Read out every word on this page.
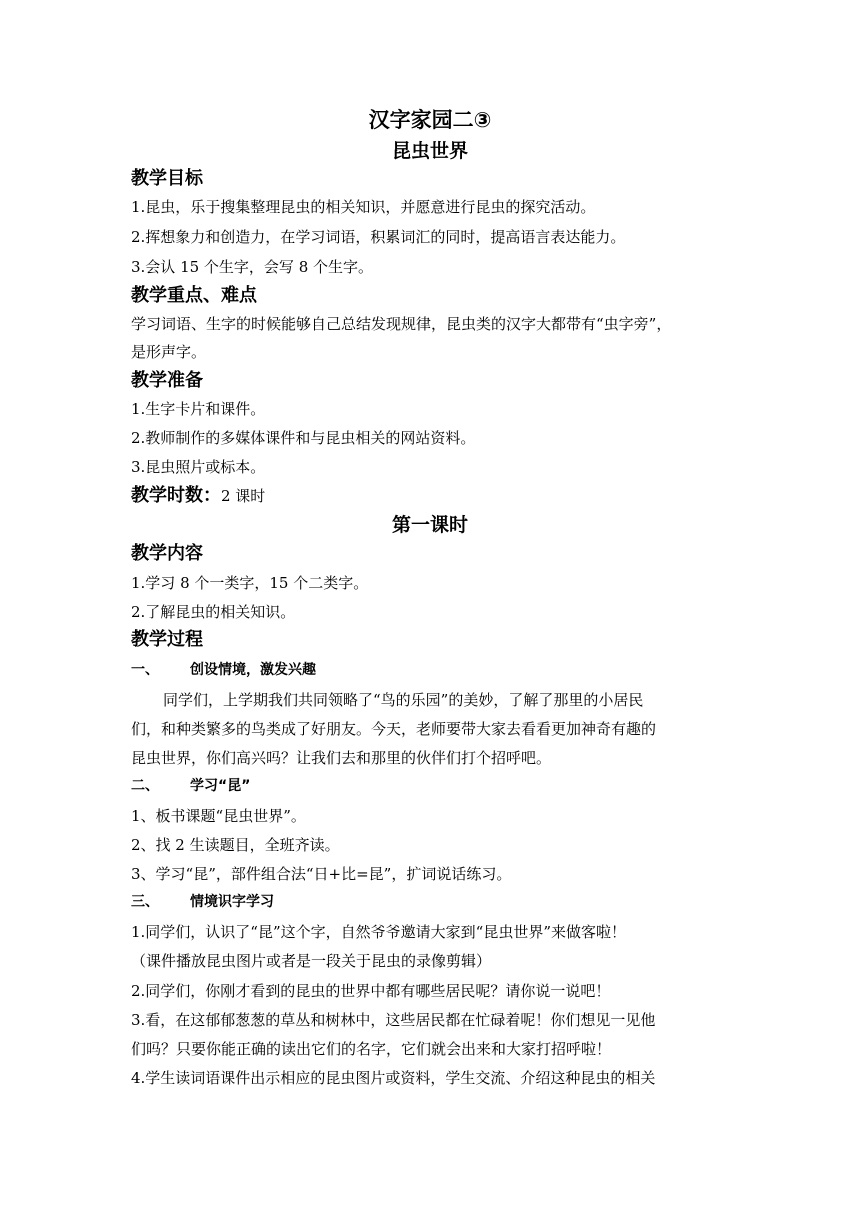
汉字家园二③
昆虫世界
教学目标
1.昆虫，乐于搜集整理昆虫的相关知识，并愿意进行昆虫的探究活动。
2.挥想象力和创造力，在学习词语，积累词汇的同时，提高语言表达能力。
3.会认 15 个生字，会写 8 个生字。
教学重点、难点
学习词语、生字的时候能够自己总结发现规律，昆虫类的汉字大都带有“虫字旁”，
是形声字。
教学准备
1.生字卡片和课件。
2.教师制作的多媒体课件和与昆虫相关的网站资料。
3.昆虫照片或标本。
教学时数：2 课时
第一课时
教学内容
1.学习 8 个一类字，15 个二类字。
2.了解昆虫的相关知识。
教学过程
一、 创设情境，激发兴趣
同学们，上学期我们共同领略了“鸟的乐园”的美妙，了解了那里的小居民
们，和种类繁多的鸟类成了好朋友。今天，老师要带大家去看看更加神奇有趣的
昆虫世界，你们高兴吗？让我们去和那里的伙伴们打个招呼吧。
二、 学习“昆”
1、板书课题“昆虫世界”。
2、找 2 生读题目，全班齐读。
3、学习“昆”，部件组合法“日+比=昆”，扩词说话练习。
三、 情境识字学习
1.同学们，认识了“昆”这个字，自然爷爷邀请大家到“昆虫世界”来做客啦！
（课件播放昆虫图片或者是一段关于昆虫的录像剪辑）
2.同学们，你刚才看到的昆虫的世界中都有哪些居民呢？请你说一说吧！
3.看，在这郁郁葱葱的草丛和树林中，这些居民都在忙碌着呢！你们想见一见他
们吗？只要你能正确的读出它们的名字，它们就会出来和大家打招呼啦！
4.学生读词语课件出示相应的昆虫图片或资料，学生交流、介绍这种昆虫的相关
